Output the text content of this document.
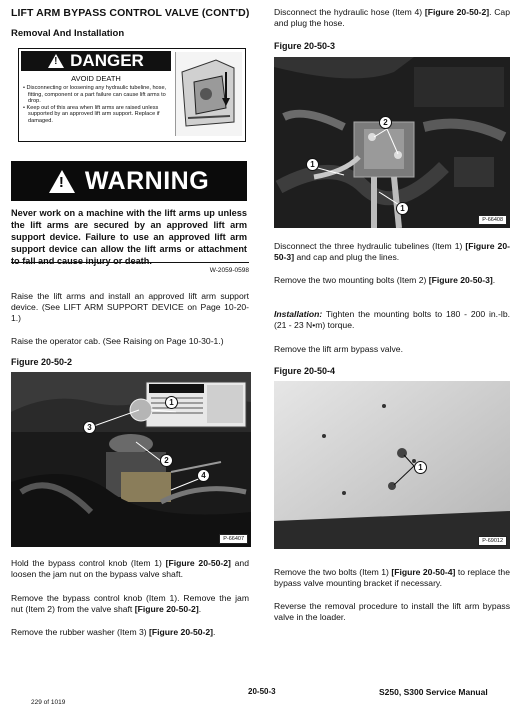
LIFT ARM BYPASS CONTROL VALVE (CONT'D)
Removal And Installation
! DANGER
AVOID DEATH
• Disconnecting or loosening any hydraulic tubeline, hose, fitting, component or a part failure can cause lift arms to drop.
• Keep out of this area when lift arms are raised unless supported by an approved lift arm support. Replace if damaged.
! WARNING
Never work on a machine with the lift arms up unless the lift arms are secured by an approved lift arm support device. Failure to use an approved lift arm support device can allow the lift arms or attachment to fall and cause injury or death.
W-2059-0598

Raise the lift arms and install an approved lift arm support device. (See LIFT ARM SUPPORT DEVICE on Page 10-20-1.)

Raise the operator cab. (See Raising on Page 10-30-1.)

Figure 20-50-2
1
2
3
4
P-66407

Hold the bypass control knob (Item 1) [Figure 20-50-2] and loosen the jam nut on the bypass valve shaft.

Remove the bypass control knob (Item 1). Remove the jam nut (Item 2) from the valve shaft [Figure 20-50-2].

Remove the rubber washer (Item 3) [Figure 20-50-2].

Disconnect the hydraulic hose (Item 4) [Figure 20-50-2]. Cap and plug the hose.

Figure 20-50-3
2
1
1
P-66408

Disconnect the three hydraulic tubelines (Item 1) [Figure 20-50-3] and cap and plug the lines.

Remove the two mounting bolts (Item 2) [Figure 20-50-3].

Installation: Tighten the mounting bolts to 180 - 200 in.-lb. (21 - 23 N•m) torque.

Remove the lift arm bypass valve.

Figure 20-50-4
1
P-69012

Remove the two bolts (Item 1) [Figure 20-50-4] to replace the bypass valve mounting bracket if necessary.

Reverse the removal procedure to install the lift arm bypass valve in the loader.

20-50-3	S250, S300 Service Manual
229 of 1019
